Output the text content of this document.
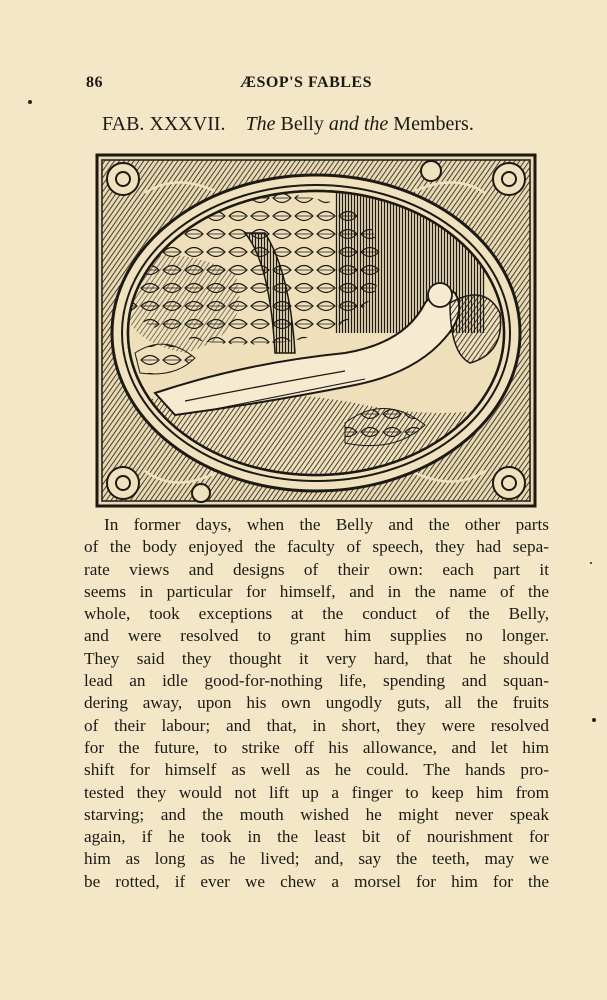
86	ÆSOP'S FABLES
FAB. XXXVII. The Belly and the Members.
In former days, when the Belly and the other parts
of the body enjoyed the faculty of speech, they had sepa-
rate views and designs of their own: each part it
seems in particular for himself, and in the name of the
whole, took exceptions at the conduct of the Belly,
and were resolved to grant him supplies no longer.
They said they thought it very hard, that he should
lead an idle good-for-nothing life, spending and squan-
dering away, upon his own ungodly guts, all the fruits
of their labour; and that, in short, they were resolved
for the future, to strike off his allowance, and let him
shift for himself as well as he could. The hands pro-
tested they would not lift up a finger to keep him from
starving; and the mouth wished he might never speak
again, if he took in the least bit of nourishment for
him as long as he lived; and, say the teeth, may we
be rotted, if ever we chew a morsel for him for the
